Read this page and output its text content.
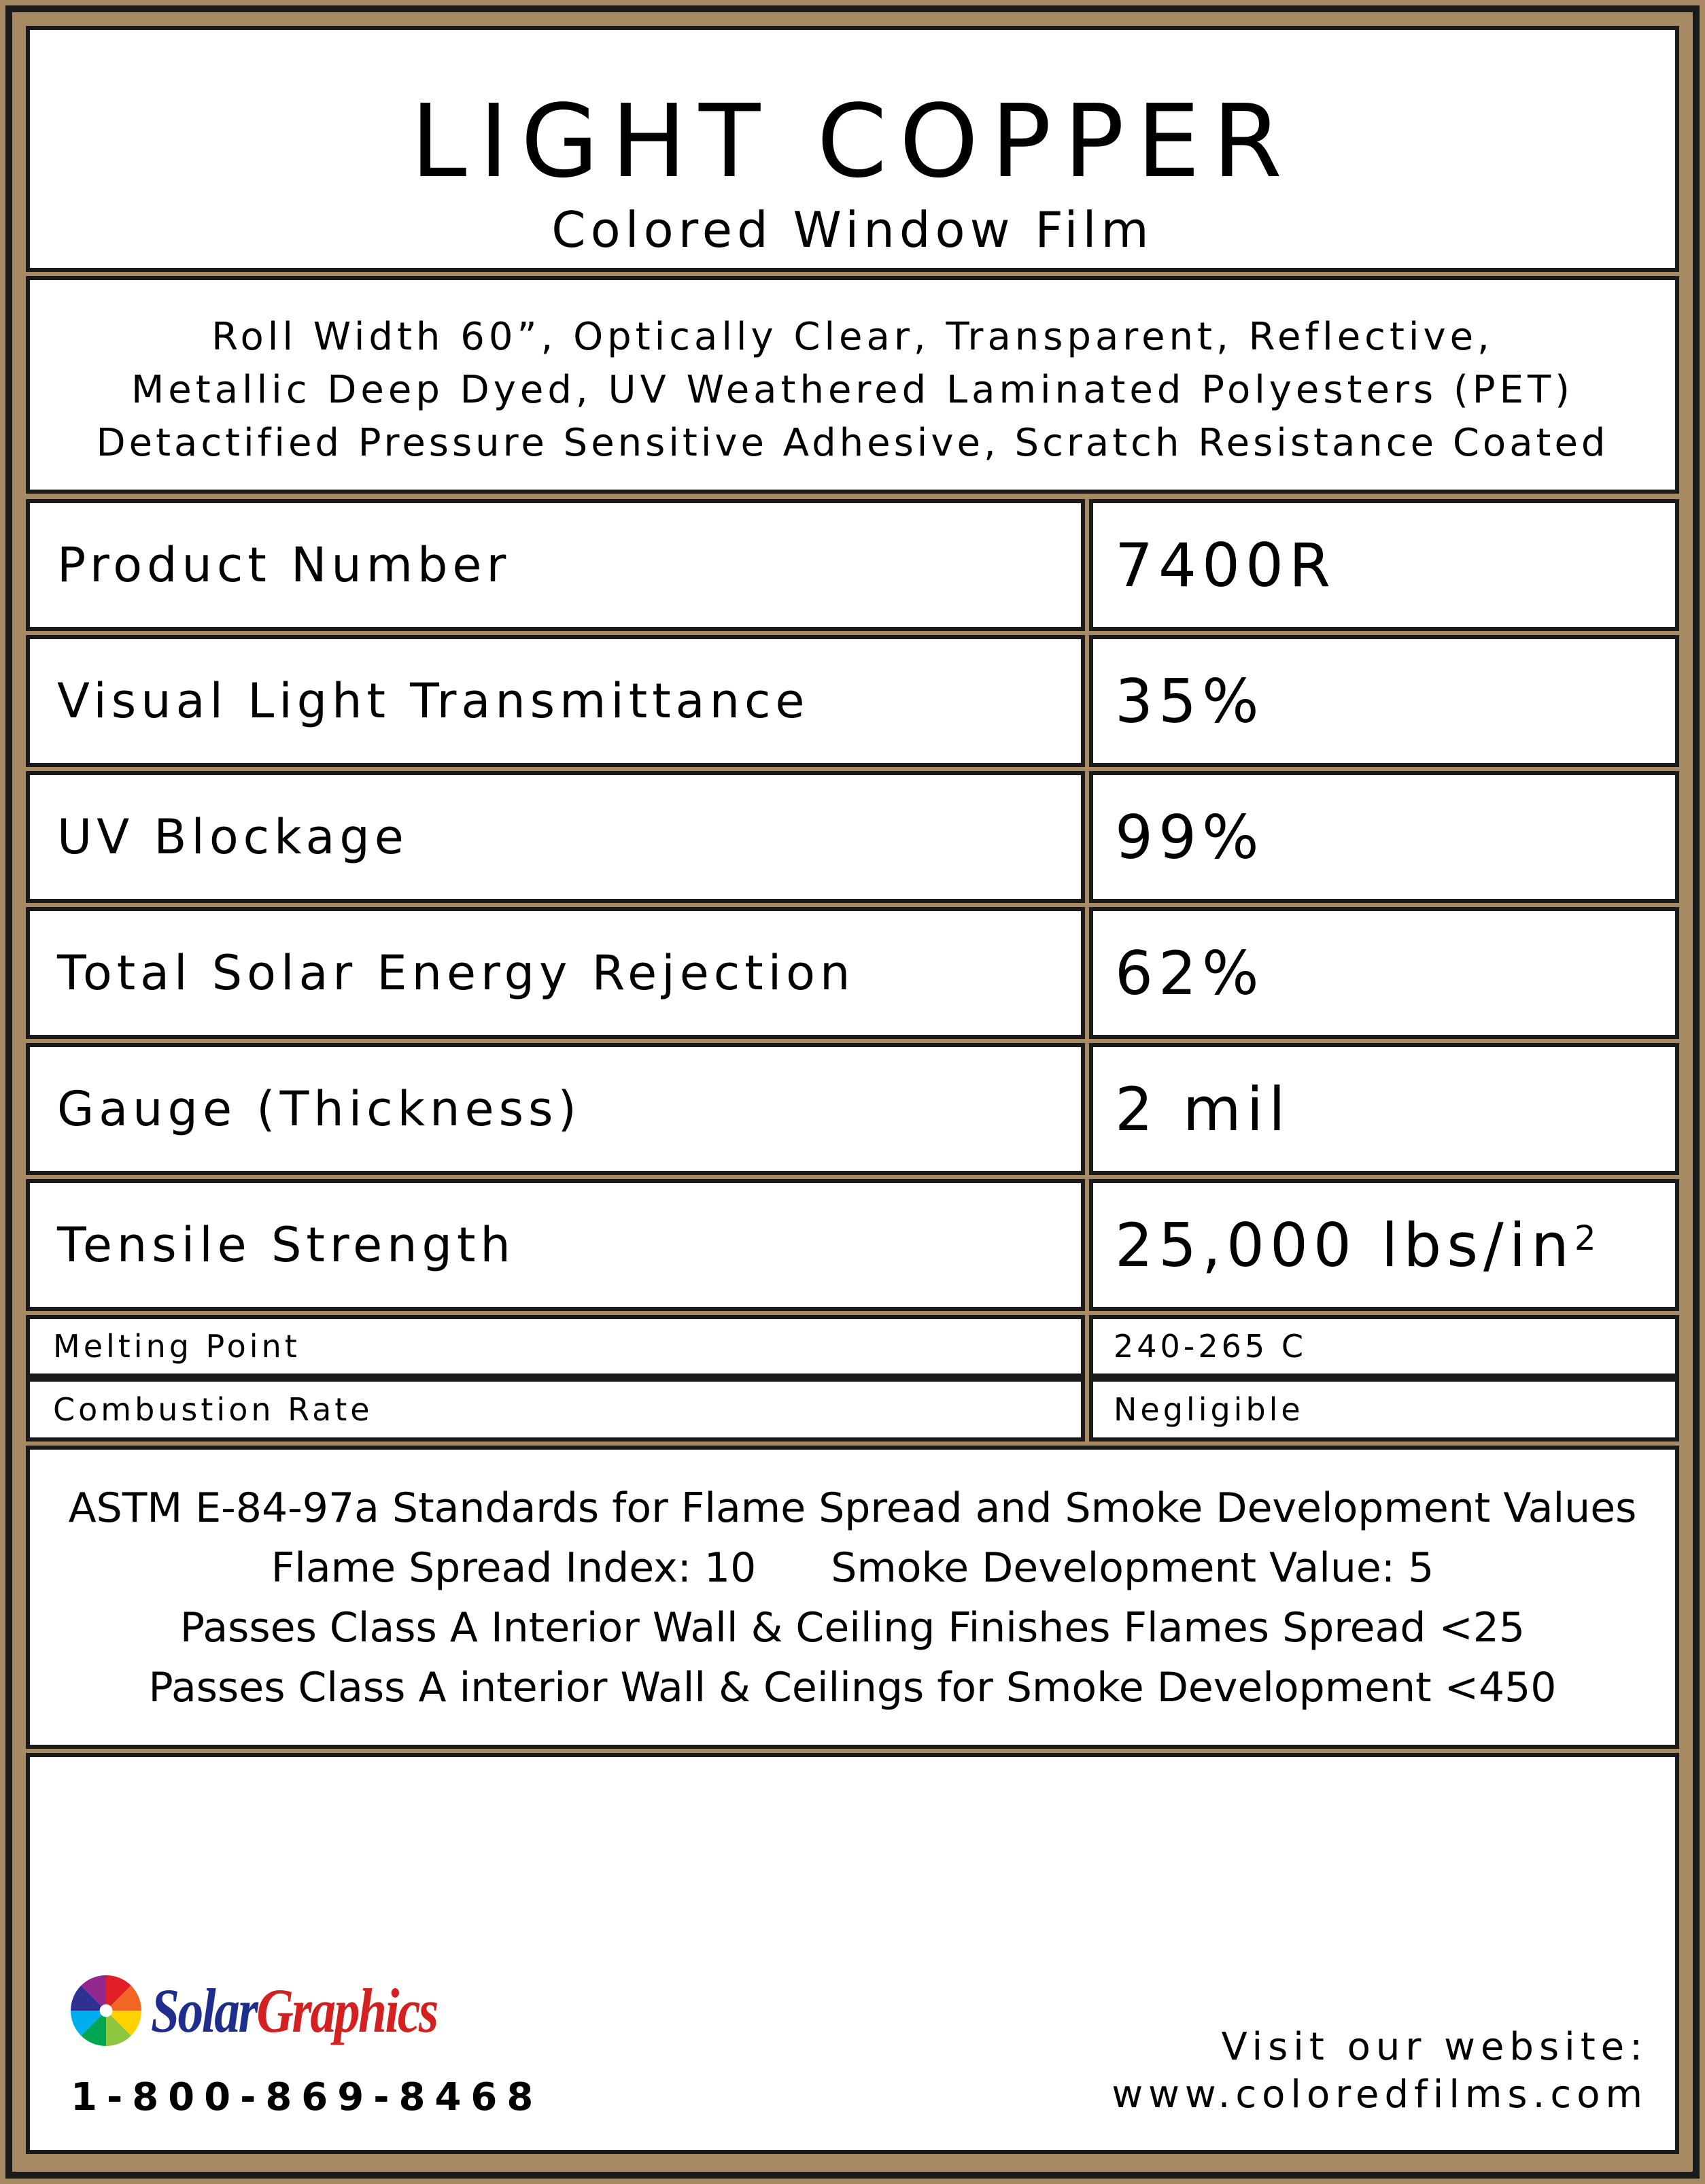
LIGHT COPPER
Colored Window Film
Roll Width 60”, Optically Clear, Transparent, Reflective,
Metallic Deep Dyed, UV Weathered Laminated Polyesters (PET)
Detactified Pressure Sensitive Adhesive, Scratch Resistance Coated
Product Number	7400R
Visual Light Transmittance	35%
UV Blockage	99%
Total Solar Energy Rejection	62%
Gauge (Thickness)	2 mil
Tensile Strength	25,000 lbs/$in^2$
Melting Point	240-265 C
Combustion Rate	Negligible
ASTM E-84-97a Standards for Flame Spread and Smoke Development Values
Flame Spread Index: 10 Smoke Development Value: 5
Passes Class A Interior Wall & Ceiling Finishes Flames Spread <25
Passes Class A interior Wall & Ceilings for Smoke Development <450
SolarGraphics
1-800-869-8468
Visit our website:
www.coloredfilms.com
